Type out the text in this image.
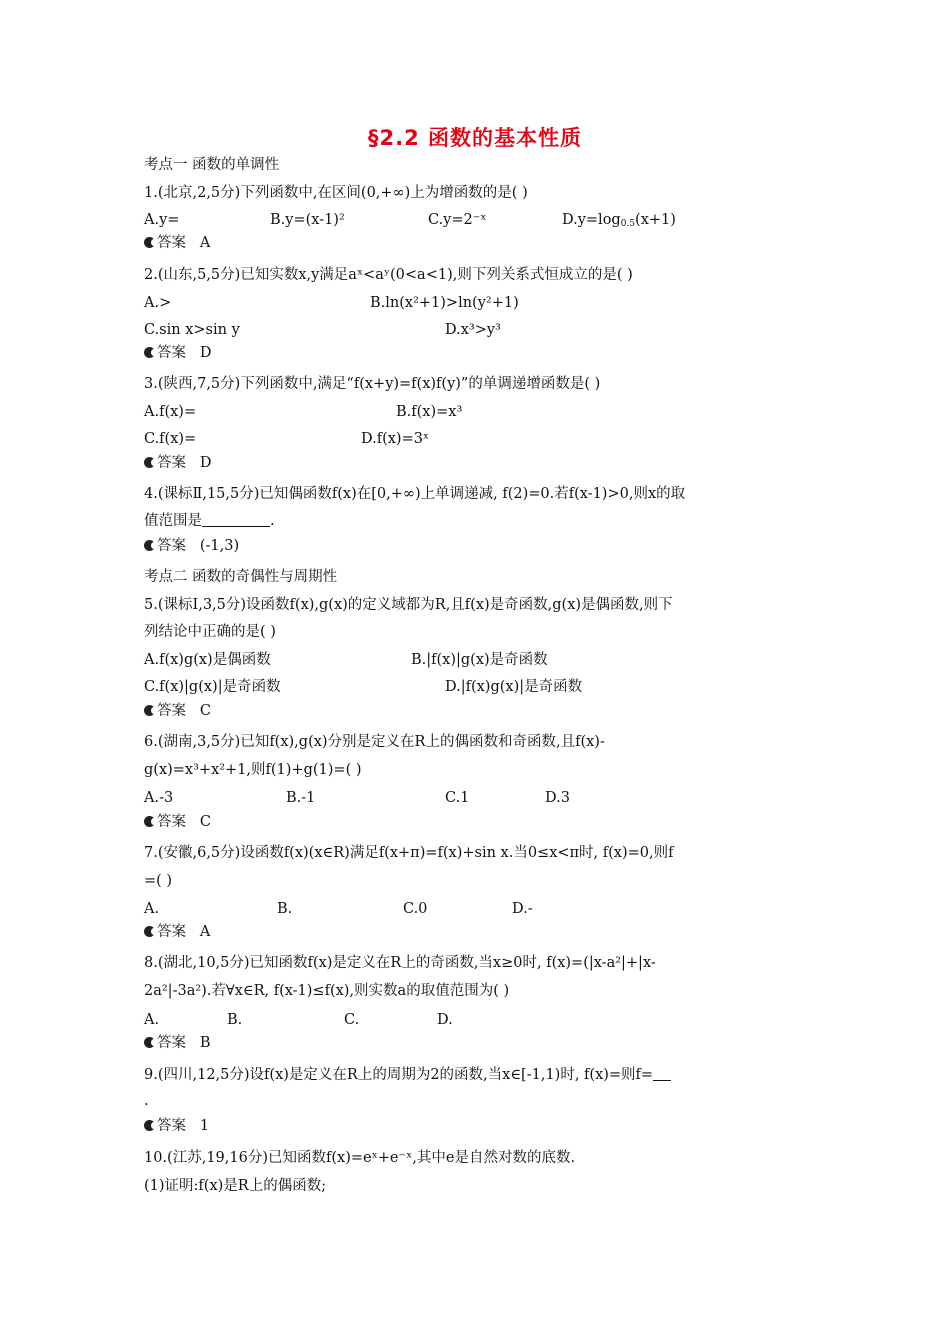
§2.2 函数的基本性质
考点一 函数的单调性
1.(北京,2,5分)下列函数中,在区间(0,+∞)上为增函数的是( )
A.y=	B.y=(x-1)²	C.y=2⁻ˣ	$D.y=\log_{0.5}(x+1)$
答案 A
2.(山东,5,5分)已知实数x,y满足aˣ<aʸ(0<a<1),则下列关系式恒成立的是( )
A.>	B.ln(x²+1)>ln(y²+1)
C.sin x>sin y	D.x³>y³
答案 D
3.(陕西,7,5分)下列函数中,满足“f(x+y)=f(x)f(y)”的单调递增函数是( )
A.f(x)=	B.f(x)=x³
C.f(x)=	D.f(x)=3ˣ
答案 D
4.(课标Ⅱ,15,5分)已知偶函数f(x)在[0,+∞)上单调递减, f(2)=0.若f(x-1)>0,则x的取
值范围是	.
答案 (-1,3)
考点二 函数的奇偶性与周期性
5.(课标Ⅰ,3,5分)设函数f(x),g(x)的定义域都为R,且f(x)是奇函数,g(x)是偶函数,则下
列结论中正确的是( )
A.f(x)g(x)是偶函数	B.|f(x)|g(x)是奇函数
C.f(x)|g(x)|是奇函数	D.|f(x)g(x)|是奇函数
答案 C
6.(湖南,3,5分)已知f(x),g(x)分别是定义在R上的偶函数和奇函数,且f(x)-
g(x)=x³+x²+1,则f(1)+g(1)=( )
A.-3	B.-1	C.1	D.3
答案 C
7.(安徽,6,5分)设函数f(x)(x∈R)满足f(x+π)=f(x)+sin x.当0≤x<π时, f(x)=0,则f
=( )
A.	B.	C.0	D.-
答案 A
8.(湖北,10,5分)已知函数f(x)是定义在R上的奇函数,当x≥0时, f(x)=(|x-a²|+|x-
2a²|-3a²).若∀x∈R, f(x-1)≤f(x),则实数a的取值范围为( )
A.	B.	C.	D.
答案 B
9.(四川,12,5分)设f(x)是定义在R上的周期为2的函数,当x∈[-1,1)时, f(x)=则f=
.
答案 1
10.(江苏,19,16分)已知函数f(x)=eˣ+e⁻ˣ,其中e是自然对数的底数.
(1)证明:f(x)是R上的偶函数;
